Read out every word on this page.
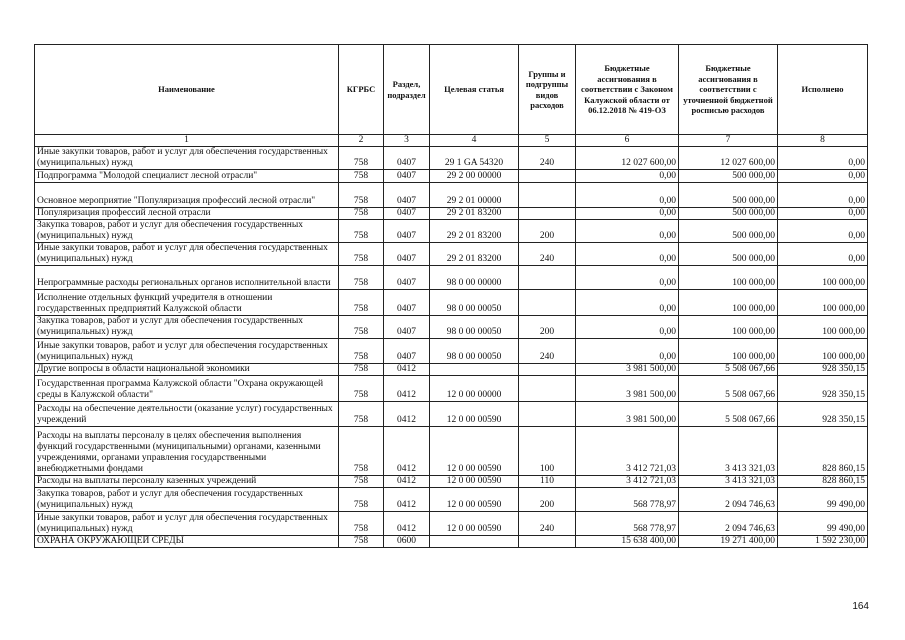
Наименование	КГРБС	Раздел, подраздел	Целевая статья	Группы и подгруппы видов расходов	Бюджетные ассигнования в соответствии с Законом Калужской области от 06.12.2018 № 419-ОЗ	Бюджетные ассигнования в соответствии с уточненной бюджетной росписью расходов	Исполнено
1	2	3	4	5	6	7	8
Иные закупки товаров, работ и услуг для обеспечения государственных (муниципальных) нужд	758	0407	29 1 GA 54320	240	12 027 600,00	12 027 600,00	0,00
Подпрограмма "Молодой специалист лесной отрасли"	758	0407	29 2 00 00000		0,00	500 000,00	0,00
Основное мероприятие "Популяризация профессий лесной отрасли"	758	0407	29 2 01 00000		0,00	500 000,00	0,00
Популяризация профессий лесной отрасли	758	0407	29 2 01 83200		0,00	500 000,00	0,00
Закупка товаров, работ и услуг для обеспечения государственных (муниципальных) нужд	758	0407	29 2 01 83200	200	0,00	500 000,00	0,00
Иные закупки товаров, работ и услуг для обеспечения государственных (муниципальных) нужд	758	0407	29 2 01 83200	240	0,00	500 000,00	0,00
Непрограммные расходы региональных органов исполнительной власти	758	0407	98 0 00 00000		0,00	100 000,00	100 000,00
Исполнение отдельных функций учредителя в отношении государственных предприятий Калужской области	758	0407	98 0 00 00050		0,00	100 000,00	100 000,00
Закупка товаров, работ и услуг для обеспечения государственных (муниципальных) нужд	758	0407	98 0 00 00050	200	0,00	100 000,00	100 000,00
Иные закупки товаров, работ и услуг для обеспечения государственных (муниципальных) нужд	758	0407	98 0 00 00050	240	0,00	100 000,00	100 000,00
Другие вопросы в области национальной экономики	758	0412			3 981 500,00	5 508 067,66	928 350,15
Государственная программа Калужской области "Охрана окружающей среды в Калужской области"	758	0412	12 0 00 00000		3 981 500,00	5 508 067,66	928 350,15
Расходы на обеспечение деятельности (оказание услуг) государственных учреждений	758	0412	12 0 00 00590		3 981 500,00	5 508 067,66	928 350,15
Расходы на выплаты персоналу в целях обеспечения выполнения функций государственными (муниципальными) органами, казенными учреждениями, органами управления государственными внебюджетными фондами	758	0412	12 0 00 00590	100	3 412 721,03	3 413 321,03	828 860,15
Расходы на выплаты персоналу казенных учреждений	758	0412	12 0 00 00590	110	3 412 721,03	3 413 321,03	828 860,15
Закупка товаров, работ и услуг для обеспечения государственных (муниципальных) нужд	758	0412	12 0 00 00590	200	568 778,97	2 094 746,63	99 490,00
Иные закупки товаров, работ и услуг для обеспечения государственных (муниципальных) нужд	758	0412	12 0 00 00590	240	568 778,97	2 094 746,63	99 490,00
ОХРАНА ОКРУЖАЮЩЕЙ СРЕДЫ	758	0600			15 638 400,00	19 271 400,00	1 592 230,00
164
